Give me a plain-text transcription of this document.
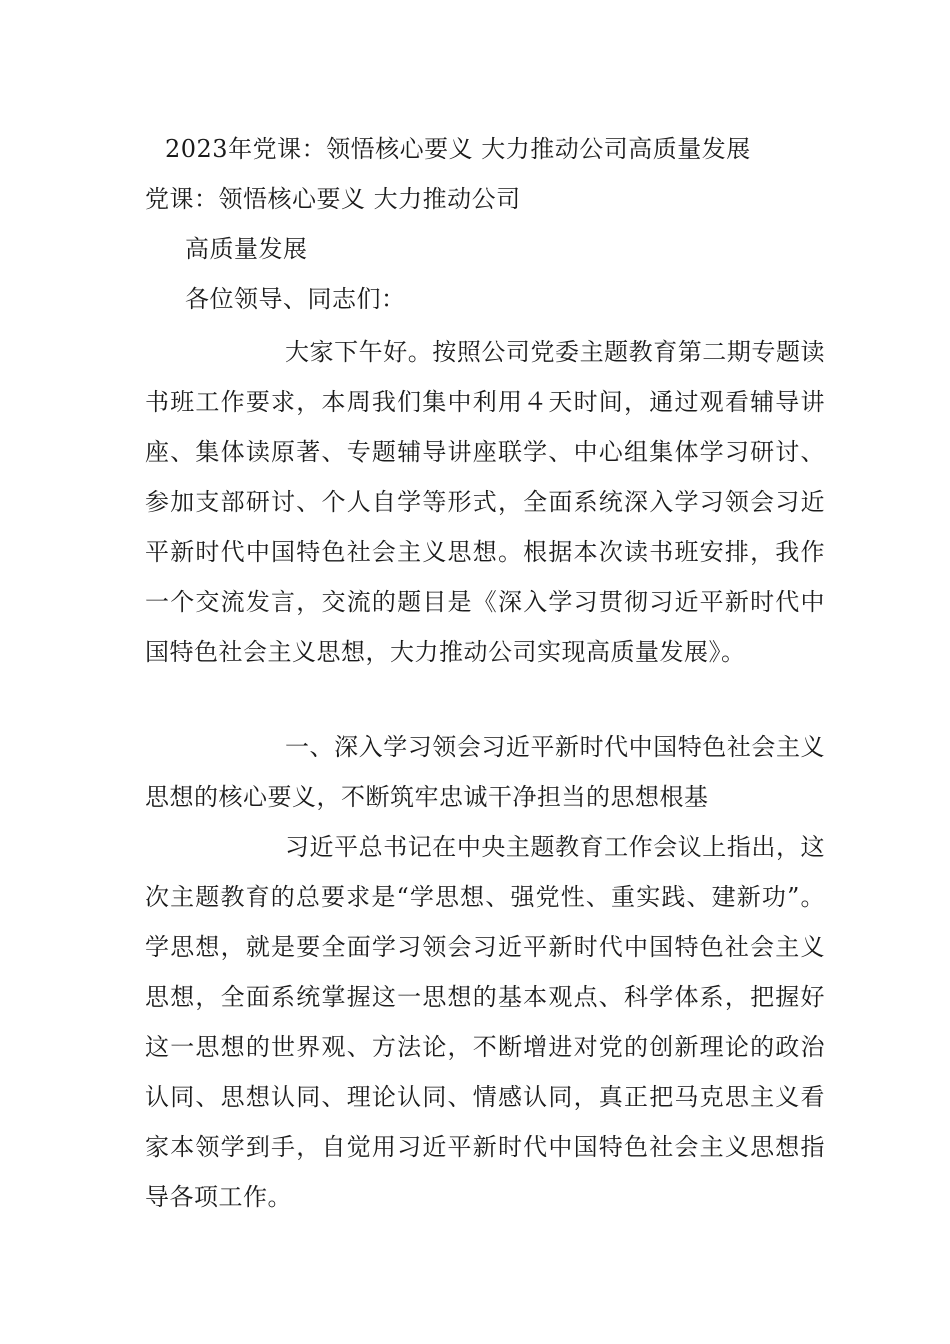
2023年党课：领悟核心要义 大力推动公司高质量发展
党课：领悟核心要义 大力推动公司
高质量发展
各位领导、同志们：
大家下午好。按照公司党委主题教育第二期专题读书班工作要求，本周我们集中利用４天时间，通过观看辅导讲座、集体读原著、专题辅导讲座联学、中心组集体学习研讨、参加支部研讨、个人自学等形式，全面系统深入学习领会习近平新时代中国特色社会主义思想。根据本次读书班安排，我作一个交流发言，交流的题目是《深入学习贯彻习近平新时代中国特色社会主义思想，大力推动公司实现高质量发展》。
一、深入学习领会习近平新时代中国特色社会主义思想的核心要义，不断筑牢忠诚干净担当的思想根基
习近平总书记在中央主题教育工作会议上指出，这次主题教育的总要求是“学思想、强党性、重实践、建新功”。学思想，就是要全面学习领会习近平新时代中国特色社会主义思想，全面系统掌握这一思想的基本观点、科学体系，把握好这一思想的世界观、方法论，不断增进对党的创新理论的政治认同、思想认同、理论认同、情感认同，真正把马克思主义看家本领学到手，自觉用习近平新时代中国特色社会主义思想指导各项工作。
